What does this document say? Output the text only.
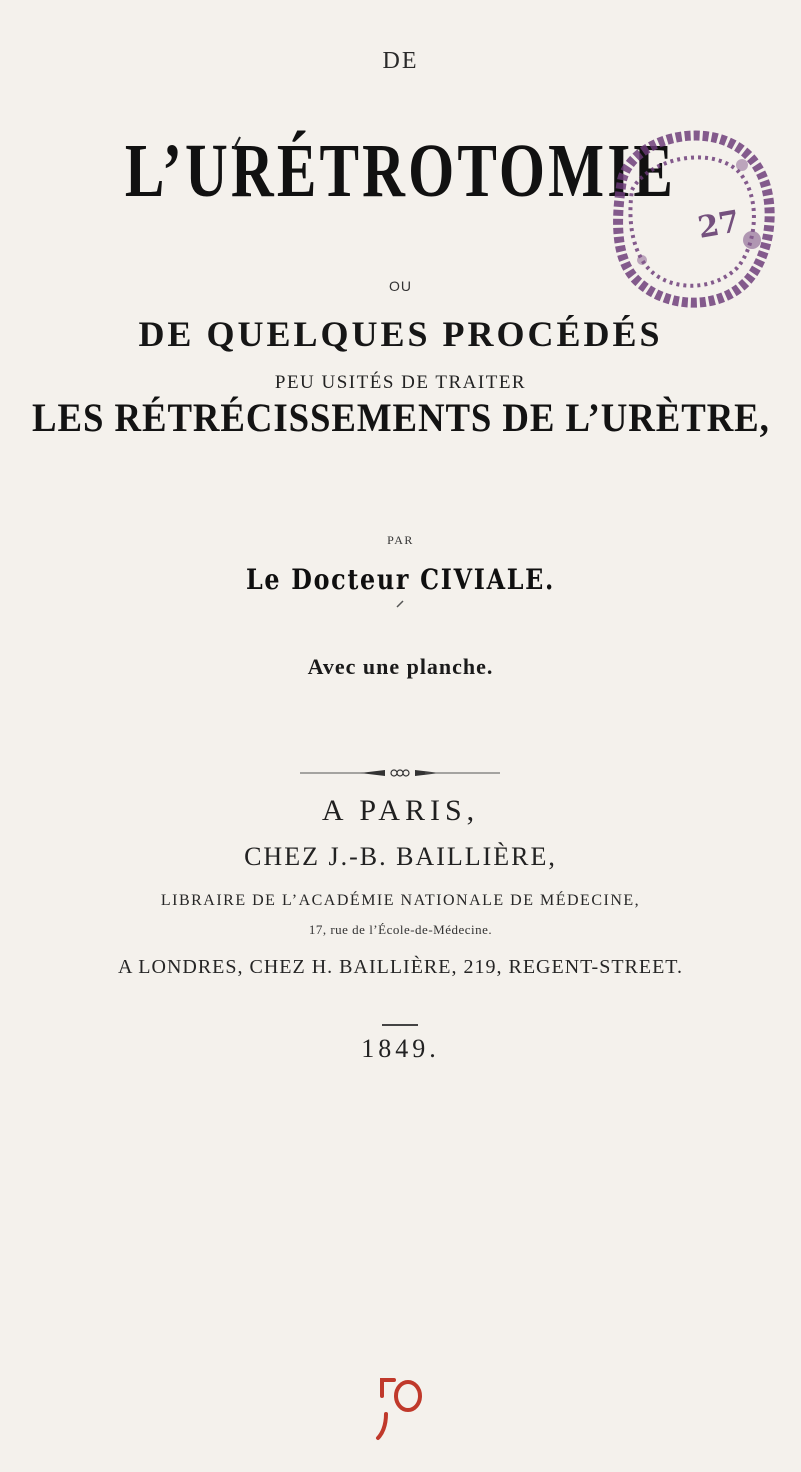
DE
L’URÉTROTOMIE
27
OU
DE QUELQUES PROCÉDÉS
PEU USITÉS DE TRAITER
LES RÉTRÉCISSEMENTS DE L’URÈTRE,
PAR
Le Docteur CIVIALE.
Avec une planche.
A PARIS,
CHEZ J.-B. BAILLIÈRE,
LIBRAIRE DE L’ACADÉMIE NATIONALE DE MÉDECINE,
17, rue de l’École-de-Médecine.
A LONDRES, CHEZ H. BAILLIÈRE, 219, REGENT-STREET.
1849.
